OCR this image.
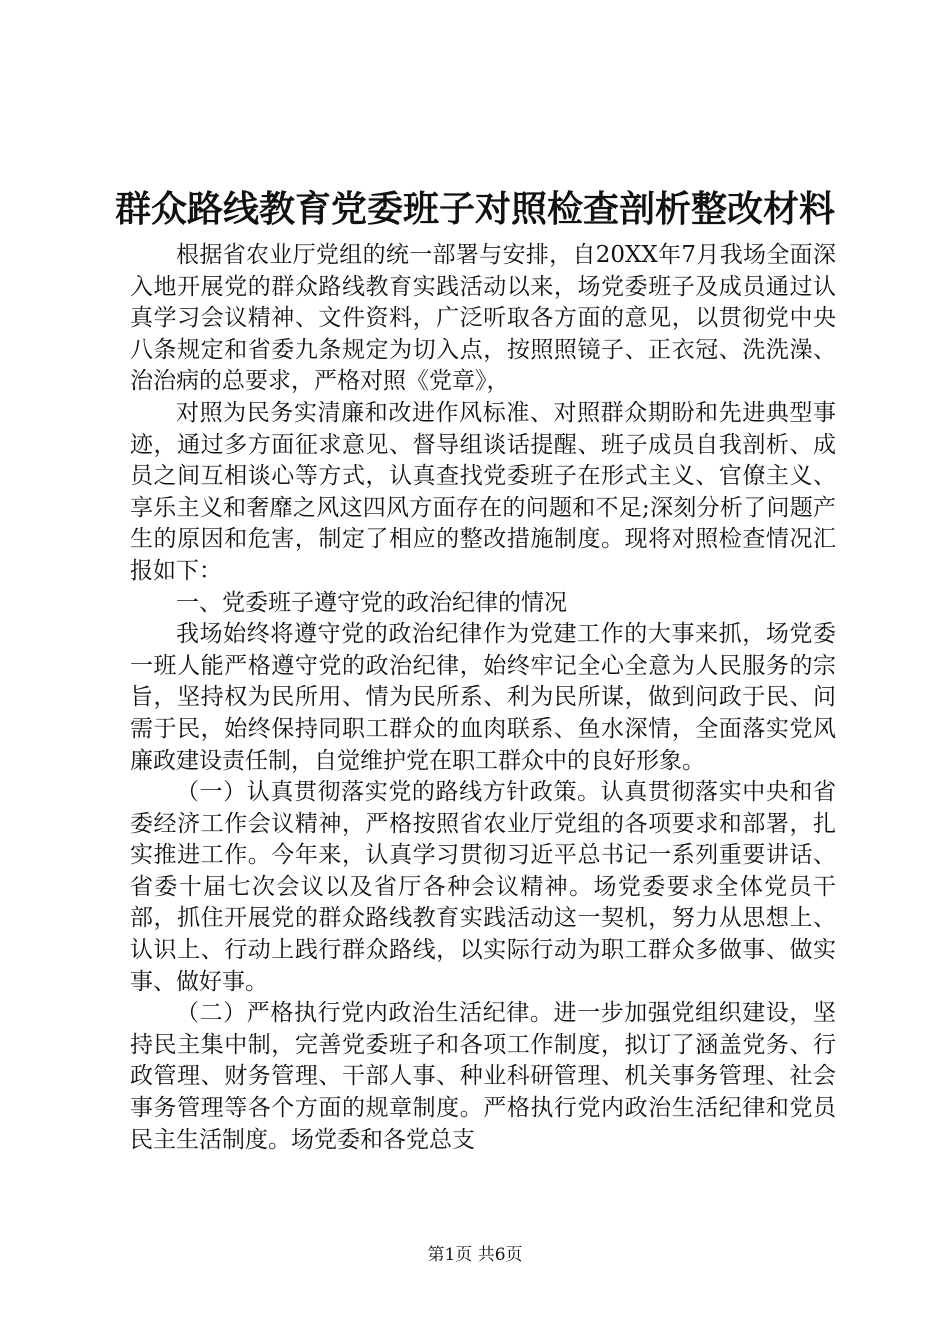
群众路线教育党委班子对照检查剖析整改材料

根据省农业厅党组的统一部署与安排，自20XX年7月我场全面深入地开展党的群众路线教育实践活动以来，场党委班子及成员通过认真学习会议精神、文件资料，广泛听取各方面的意见，以贯彻党中央八条规定和省委九条规定为切入点，按照照镜子、正衣冠、洗洗澡、治治病的总要求，严格对照《党章》，

对照为民务实清廉和改进作风标准、对照群众期盼和先进典型事迹，通过多方面征求意见、督导组谈话提醒、班子成员自我剖析、成员之间互相谈心等方式，认真查找党委班子在形式主义、官僚主义、享乐主义和奢靡之风这四风方面存在的问题和不足;深刻分析了问题产生的原因和危害，制定了相应的整改措施制度。现将对照检查情况汇报如下：

一、党委班子遵守党的政治纪律的情况

我场始终将遵守党的政治纪律作为党建工作的大事来抓，场党委一班人能严格遵守党的政治纪律，始终牢记全心全意为人民服务的宗旨，坚持权为民所用、情为民所系、利为民所谋，做到问政于民、问需于民，始终保持同职工群众的血肉联系、鱼水深情，全面落实党风廉政建设责任制，自觉维护党在职工群众中的良好形象。

（一）认真贯彻落实党的路线方针政策。认真贯彻落实中央和省委经济工作会议精神，严格按照省农业厅党组的各项要求和部署，扎实推进工作。今年来，认真学习贯彻习近平总书记一系列重要讲话、省委十届七次会议以及省厅各种会议精神。场党委要求全体党员干部，抓住开展党的群众路线教育实践活动这一契机，努力从思想上、认识上、行动上践行群众路线，以实际行动为职工群众多做事、做实事、做好事。

（二）严格执行党内政治生活纪律。进一步加强党组织建设，坚持民主集中制，完善党委班子和各项工作制度，拟订了涵盖党务、行政管理、财务管理、干部人事、种业科研管理、机关事务管理、社会事务管理等各个方面的规章制度。严格执行党内政治生活纪律和党员民主生活制度。场党委和各党总支

第1页 共6页
